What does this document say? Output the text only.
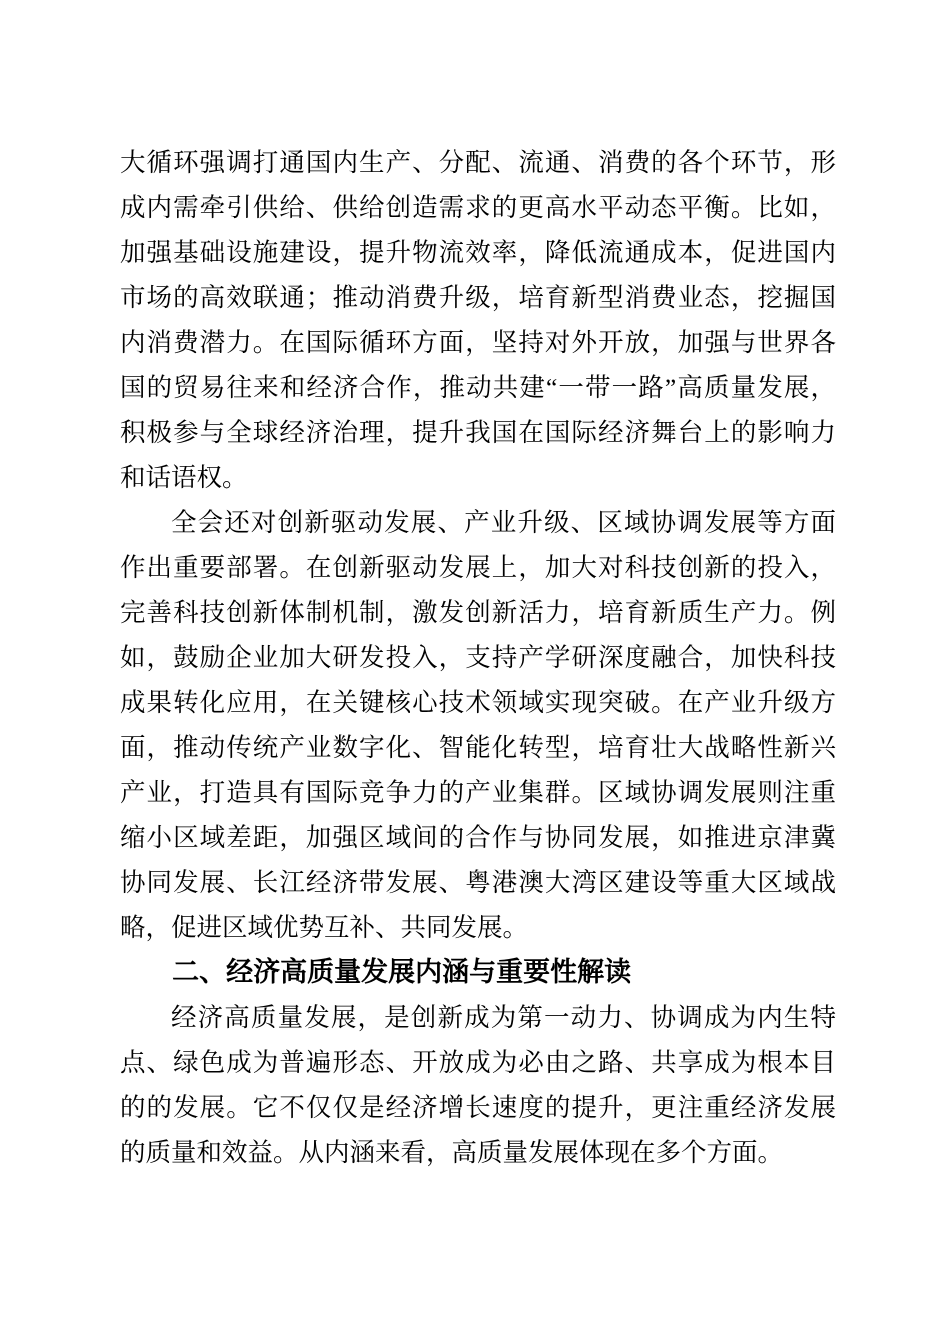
大循环强调打通国内生产、分配、流通、消费的各个环节，形
成内需牵引供给、供给创造需求的更高水平动态平衡。比如，
加强基础设施建设，提升物流效率，降低流通成本，促进国内
市场的高效联通；推动消费升级，培育新型消费业态，挖掘国
内消费潜力。在国际循环方面，坚持对外开放，加强与世界各
国的贸易往来和经济合作，推动共建“一带一路”高质量发展，
积极参与全球经济治理，提升我国在国际经济舞台上的影响力
和话语权。
全会还对创新驱动发展、产业升级、区域协调发展等方面
作出重要部署。在创新驱动发展上，加大对科技创新的投入，
完善科技创新体制机制，激发创新活力，培育新质生产力。例
如，鼓励企业加大研发投入，支持产学研深度融合，加快科技
成果转化应用，在关键核心技术领域实现突破。在产业升级方
面，推动传统产业数字化、智能化转型，培育壮大战略性新兴
产业，打造具有国际竞争力的产业集群。区域协调发展则注重
缩小区域差距，加强区域间的合作与协同发展，如推进京津冀
协同发展、长江经济带发展、粤港澳大湾区建设等重大区域战
略，促进区域优势互补、共同发展。
二、经济高质量发展内涵与重要性解读
经济高质量发展，是创新成为第一动力、协调成为内生特
点、绿色成为普遍形态、开放成为必由之路、共享成为根本目
的的发展。它不仅仅是经济增长速度的提升，更注重经济发展
的质量和效益。从内涵来看，高质量发展体现在多个方面。
